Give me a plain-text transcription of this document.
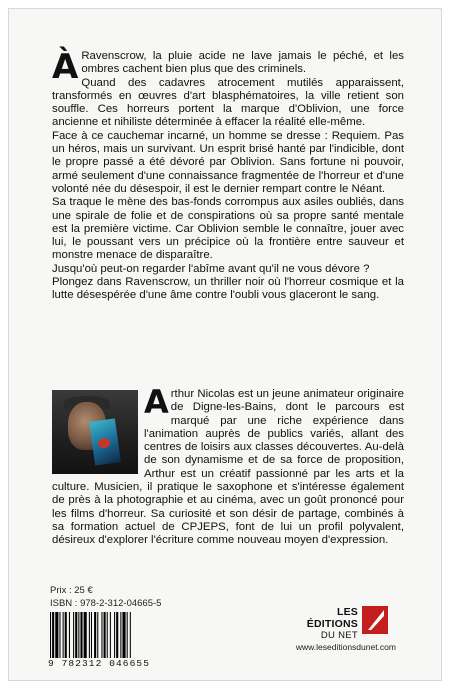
À Ravenscrow, la pluie acide ne lave jamais le péché, et les ombres cachent bien plus que des criminels.

Quand des cadavres atrocement mutilés apparaissent, transformés en œuvres d'art blasphématoires, la ville retient son souffle. Ces horreurs portent la marque d'Oblivion, une force ancienne et nihiliste déterminée à effacer la réalité elle-même.

Face à ce cauchemar incarné, un homme se dresse : Requiem. Pas un héros, mais un survivant. Un esprit brisé hanté par l'indicible, dont le propre passé a été dévoré par Oblivion. Sans fortune ni pouvoir, armé seulement d'une connaissance fragmentée de l'horreur et d'une volonté née du désespoir, il est le dernier rempart contre le Néant.

Sa traque le mène des bas-fonds corrompus aux asiles oubliés, dans une spirale de folie et de conspirations où sa propre santé mentale est la première victime. Car Oblivion semble le connaître, jouer avec lui, le poussant vers un précipice où la frontière entre sauveur et monstre menace de disparaître.

Jusqu'où peut-on regarder l'abîme avant qu'il ne vous dévore ?

Plongez dans Ravenscrow, un thriller noir où l'horreur cosmique et la lutte désespérée d'une âme contre l'oubli vous glaceront le sang.

Arthur Nicolas est un jeune animateur originaire de Digne-les-Bains, dont le parcours est marqué par une riche expérience dans l'animation auprès de publics variés, allant des centres de loisirs aux classes découvertes. Au-delà de son dynamisme et de sa force de proposition, Arthur est un créatif passionné par les arts et la culture. Musicien, il pratique le saxophone et s'intéresse également de près à la photographie et au cinéma, avec un goût prononcé pour les films d'horreur. Sa curiosité et son désir de partage, combinés à sa formation actuel de CPJEPS, font de lui un profil polyvalent, désireux d'explorer l'écriture comme nouveau moyen d'expression.
Prix : 25 €
ISBN : 978-2-312-04665-5
9 782312 046655
LES ÉDITIONS
DU NET
www.leseditionsdunet.com
